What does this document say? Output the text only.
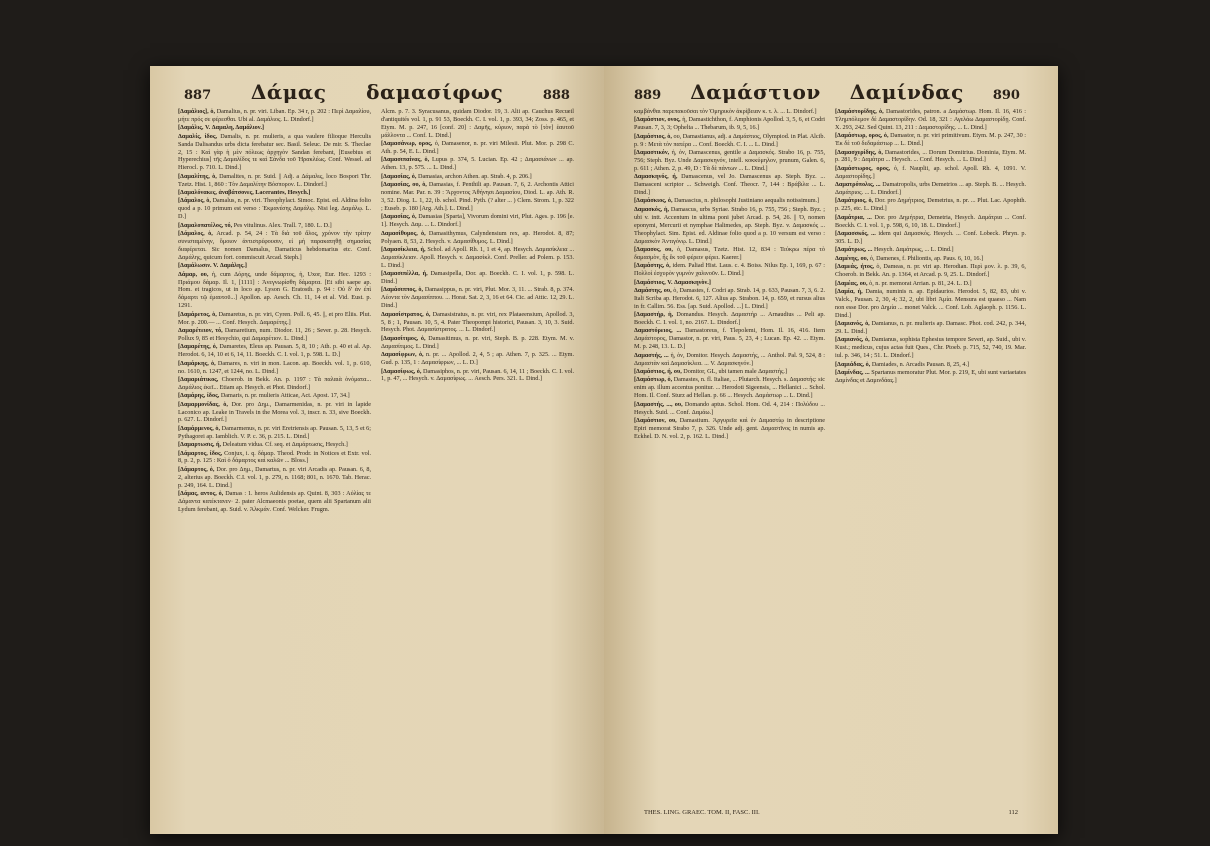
887 Δάμας δαμασίφως	888

[Δαμάλιος], ὁ, Damalius, n. pr. viri. Liban. Ep. 34 r, p. 202 : Περὶ Δαμαλίου, μήτε πρός σε φέρεσθαι. Ubi al. Δαμάλιος. L. Dindorf.]

[Δαμάλις, V. Δαμαλη, Δαμάλιον.]

Δαμαλίς, ίδος, Damalis, n. pr. mulieris, a qua vaulere filioque Herculis Sanda Dalisandus urbs dicta ferebatur sec. Basil. Seleuc. De mir. S. Theclae 2, 15 : Καὶ γὰρ ἡ μὲν πόλεως ἀρχηγὸν Sandan ferebant, [Eusebius et Hyperechius] τῆς Δαμαλίδος τε καὶ Σάνδα τοῦ Ἡρακλέως. Conf. Wessel. ad Hierocl. p. 710. L. Dind.]

[Δαμαλίτης, ὁ, Damalites, n. pr. Suid. || Adj. a Δάμαλις, loco Bospori Thr. Tzetz. Hist. 1, 860 : Τὸν Δαμαλίτην Βόσπορον. L. Dindorf.]

[Δαμαλόνακες, ἀναβάτσονες, Lacerantes, Hesych.]

[Δάμαλος, ὁ, Damalus, n. pr. viri. Theophylact. Simoc. Epist. ed. Aldina folio quod a p. 10 primum est verso : Ἐκμανέσης Δαμάλῳ. Nisi leg. Δαμάλῳ. L. D.]

[Δαμαλοπατέλος, τό, Pes vitulinus. Alex. Trall. 7, 180. L. D.]

[Δάμαλος, ὁ, Arcad. p. 54, 24 : Τὰ διὰ τοῦ ἄλος, χρόνον τὴν τρίτην συνισταμένην, ὅμοιον ἀντιστρέφουσιν, εἰ μὴ παρακατηθῇ σημασίας διαφέρεται. Sic nomen Damalus, Damaticus hebdomarius etc. Conf. Δαμάλης, quicum fort. commiscuit Arcad. Steph.]

[Δαμάλωσιν. V. Δαμάλης.]

Δάμαρ, ου, ἡ, cum Δόρης, unde δάμαρτος, ἡ, Uxor, Eur. Hec. 1293 : Πριάμου δάμαρ. Il. 1, [1111] : Ἀνεγνωρίσθη δάμαρτα. [Et sibi saepe ap. Hom. et tragicos, ut in loco ap. Lyson G. Eratosth. p. 94 : Οὐ δ' ἀν ἐπὶ δάμαρτι τῷ ἐμαυτοῦ...] Apollon. ap. Aesch. Ch. 11, 14 et al. Vid. Eust. p. 1291.

[Δαμάρετος, ὁ, Damaretus, n. pr. viri, Cyren. Poll. 6, 45. ||, et pro Eliis. Plut. Mor. p. 200.— ... Conf. Hesych. Δαμαρέτης.]

Δαμαρέτειον, τό, Damaretium, num. Diodor. 11, 26 ; Sever. p. 28. Hesych. Pollux 9, 85 et Hesychio, qui Δαμαρέτιον. L. Dind.]

[Δαμαρέτης, ὁ, Damaretes, Eleus ap. Pausan. 5, 8, 10 ; Ath. p. 40 et al. Ap. Herodot. 6, 14, 10 et 6, 14, 11. Boeckh. C. I. vol. 1, p. 598. L. D.]

[Δαμάρκης, ὁ, Damares, n. viri in mon. Lacon. ap. Boeckh. vol. 1, p. 610, no. 1610, n. 1247, et 1244, no. L. Dind.]

[Δαμαριάτικος, Choerob. in Bekk. An. p. 1197 : Τὰ παλαιὰ ὀνόματα... Δαμάλιος ἐκεῖ... Etiam ap. Hesych. et Phot. Dindorf.]

[Δαμάρης, ίδος, Damaris, n. pr. mulieris Atticae, Act. Apost. 17, 34.]

[Δαμαρμονίδας, ὁ, Dor. pro Δημ., Damarmenidas, n. pr. viri in lapide Laconico ap. Leake in Travels in the Morea vol. 3, inscr. n. 33, sive Boeckh. p. 627. L. Dindorf.]

[Δαμάρμενος, ὁ, Damarmenus, n. pr. viri Eretriensis ap. Pausan. 5, 13, 5 et 6; Pythagorei ap. Iamblich. V. P. c. 36, p. 215. L. Dind.]

[Δαμαρτωσις, ή, Deleatum vidua. Cf. seq. et Δαμάρτωσις, Hesych.]

[Δάμαρτος, ίδος, Conjux, i. q. δάμαρ. Theod. Prodr. in Notices et Extr. vol. 8, p. 2, p. 125 : Καὶ ὁ δάμαρτος καὶ καλῶν ... Bloss.]

[Δάμαρτος, ὁ, Dor. pro Δημ., Damartus, n. pr. viri Arcadis ap. Pausan. 6, 8, 2, alterius ap. Boeckh. C.I. vol. 1, p. 279, n. 1168; 801, n. 1670. Tab. Herac. p. 249, 164. L. Dind.]

[Δάμας, αντος, ὁ, Damas : 1. heros Aulidensis ap. Quint. 8, 303 : Αὐλίας τε Δάμαντα κατέκτανεν· 2. pater Alcmaeonis poetae, quem alii Spartanum alii Lydum ferebant, ap. Suid. v. Ἀλκμάν. Conf. Welcker. Frugm.

Alcm. p. 7. 3. Syracusanus, quidam Diodor. 19, 3. Alii ap. Cauchus Recueil d'antiquités vol. 1, p. 91 53, Boeckh. C. I. vol. 1, p. 393, 34; Zoss. p. 465, et Etym. M. p. 247, 16 [conf. 20] : Δαμῆς, κύριον, παρὰ τὸ [τὸν] ἑαυτοῦ μάλλοντα ... Conf. L. Dind.]

[Δαμασάνωρ, ορος, ὁ, Damasenor, n. pr. viri Milesii. Plut. Mor. p. 298 C. Ath. p. 54, E. L. Dind.]

[Δαμασιπαίνας, ὁ, Lupus p. 374, 5. Lucian. Ep. 42 ; Δαμασιάνων ... ap. Athen. 13, p. 575. ... L. Dind.]

[Δαμασίας, ὁ, Damasias, archon Athen. ap. Strab. 4, p. 206.]

[Δαμασίας, ου, ὁ, Damasias, f. Penthili ap. Pausan. 7, 6, 2. Archontis Attici nomine. Mar. Par. n. 39 : Ἄρχοντος Ἀθήνησι Δαμασίου, Diod. L. ap. Ath. R. 3, 52. Diog. L. 1, 22, ib. schol. Pind. Pyth. (? alter ... ) Clem. Strom. 1, p. 322 ; Euseb. p. 180 [Arg. Ath.]. L. Dind.]

[Δαμασίας, ὁ, Damasias [Sparta], Vivorum domini viri, Plut. Ages. p. 196 [e. 1]. Hesych. Δαμ. ... L. Dindorf.]

Δαμασίθυμος, ὁ, Damasithymus, Calyndensium rex, ap. Herodot. 8, 87; Polyaen. 8, 53, 2. Hesych. v. Δαμασίθυμος. L. Dind.]

[Δαμασίκλεια, ἡ, Schol. ad Apoll. Rh. 1, 1 et 4, ap. Hesych. Δαμασίκλεια ... Δαμασίκλειαν. Apoll. Hesych. v. Δαμασίκλ. Conf. Preller. ad Polem. p. 153. L. Dind.]

[Δαμασιπέλλα, ή, Damasipella, Dor. ap. Boeckh. C. I. vol. 1, p. 598. L. Dind.]

[Δαμάσιππος, ὁ, Damasippus, n. pr. viri, Plut. Mor. 3, 11. ... Strab. 8, p. 374. Λέοντα τὸν Δαμασίππου. ... Horat. Sat. 2, 3, 16 et 64. Cic. ad Attic. 12, 29. L. Dind.]

Δαμασίστρατος, ὁ, Damasistratus, n. pr. viri, rex Plataeensium, Apollod. 3, 5, 8 ; 1, Pausan. 10, 5, 4. Pater Theopompi historici, Pausan. 3, 10, 3. Suid. Hesych. Phot. Δαμασίστρατος. ... L. Dindorf.]

[Δαμασίτιμος, ὁ, Damasitimus, n. pr. viri, Steph. B. p. 228. Etym. M. v. Δαμασίτιμος. L. Dind.]

Δαμασίφρων, ὁ, n. pr. ... Apollod. 2, 4, 5 ; ap. Athen. 7, p. 325. ... Etym. Gud. p. 135, 1 : Δαμασίφρων, ... L. D.]

[Δαμασίφως, ὁ, Damasiphos, n. pr. viri, Pausan. 6, 14, 11 ; Boeckh. C. I. vol. 1, p. 47, ... Hesych. v. Δαμασίφως. ... Aesch. Pers. 321. L. Dind.]

889 Δαμάστιον Δαμίνδας 890

καμβάνθαι παρεπακοῦσαι τὸν Ὁμηρικὸν ἀκρίβειαν κ. τ. λ. ... L. Dindorf.]

[Δαμάστιον, ονος, ἡ, Damastichthon, f. Amphionis Apollod. 3, 5, 6, et Codri Pausan. 7, 3, 3; Ophelta ... Thebarum, ib. 9, 5, 16.]

[Δαμάστιος, ὁ, ου, Damastianus, adj. a Δαμάστιος, Olympiod. in Plat. Alcib. p. 9 : Μετὰ τὸν πατέρα ... Conf. Boeckh. C. I. ... L. Dind.]

[Δαμαστικόν, ἡ, ὁν, Damascenus, gentile a Δαμασκός. Strabo 16, p. 755, 756; Steph. Byz. Unde Δαμασκηνόν, intell. κοκκύμηλον, prunum, Galen. 6, p. 611 ; Athen. 2, p. 49, D : Τὰ δὲ πάντων ... L. Dind.]

Δαμασκηνός, ή, Damascenus, vel Jo. Damascenus ap. Steph. Byz. ... Damasceni scriptor ... Schweigh. Conf. Theocr. 7, 144 : Βράβιλα ... L. Dind.]

[Δαμάσκιος, ὁ, Damascius, n. philosophi Justiniano aequalis notissimum.]

Δαμασκός, ἡ, Damascus, urbs Syriae. Strabo 16, p. 755, 756 ; Steph. Byz. ; ubi v. intt. Accentum in ultima poni jubet Arcad. p. 54, 26. || Ὁ, nomen eponymi, Mercurii et nymphae Halimedes, ap. Steph. Byz. v. Δαμασκός ... Theophylact. Sim. Epist. ed. Aldinae folio quod a p. 10 versum est verso : Δαμασκὸν Ἀντιγόνῳ. L. Dind.]

[Δαμασος, ου, ὁ, Damasus, Tzetz. Hist. 12, 834 : Τεύκρω πέρα τὸ δαμασμὸν, ἦς ἔκ τοῦ φέρειν φέρει. Kaerer.]

[Δαμάστης, ὁ, idem. Paliad Hist. Laus. c. 4. Boiss. Nilus Ep. 1, 169, p. 67 : Πολλοὶ ἐσχυρὸν γυμνὸν χαλινοῦν. L. Dind.]

[Δαμάστιος, V. Δαμασκηνὸν.]

Δαμάστης, ου, ὁ, Damastes, f. Codri ap. Strab. 14, p. 633, Pausan. 7, 3, 6. 2. Itali Scriba ap. Herodot. 6, 127. Alius ap. Strabon. 14, p. 659, et rursus alius in fr. Callim. 56. Ess. [ap. Suid. Apollod. ...] L. Dind.]

[Δαμαστήρ, ἡ, Domandus. Hesych. Δαμαστήρ ... Arnaudius ... Peli ap. Boeckh. C. I. vol. 1, no. 2167. L. Dindorf.]

Δαμαστόρειος, ... Damastoreus, f. Tlepolemi, Hom. Il. 16, 416. Item Δαμάστορος, Damastor, n. pr. viri, Paus. 5, 23, 4 ; Lucan. Ep. 42. ... Etym. M. p. 248, 13. L. D.]

Δαμαστής, ... ἡ, ὁν, Domitor. Hesych. Δαμαστής, ... Anthol. Pal. 9, 524, 8 : Δαμαστὰν καὶ Δαμασίκλεα. ... V. Δαμασκηνόν.]

[Δαμάστιος, ή, ου, Domitor, GL, ubi tamen male Δαμαστής.]

[Δαμάστωρ, ὁ, Damastes, n. fl. Italiae, ... Plutarch. Hesych. s. Δαμαστής: sic enim ap. illum accentus ponitur. ... Herodoti Sigeensis, ... Hellanici ... Schol. Hom. Il. Conf. Sturz ad Hellan. p. 66 ... Hesych. Δαμάστωρ ... L. Dind.]

[Δαμαστής, ..., ου, Domando aptus. Schol. Hom. Od. 4, 214 : Πολύδου ... Hesych. Suid. ... Conf. Δαμάω.]

[Δαμάστιον, ου, Damastium. Ἀργυρεῖα καὶ ἐν Δαμαστίῳ in descriptione Epiri memorat Strabo 7, p. 326. Unde adj. gent. Δαμαστῖνος in numis ap. Eckhel. D. N. vol. 2, p. 162. L. Dind.]

[Δαμάστορίδης, ὁ, Damastorides, patron. a Δαμάστωρ. Hom. Il. 16, 416 : Τλημπόλεμον δὲ Δαμαστορίδην. Od. 18, 321 : Αγελάω Δαμαστορίδῃ. Conf. X. 293, 242. Sed Quint. 13, 211 : Δαμαστορίδης. ... L. Dind.]

[Δαμάστωρ, ορος, ὁ, Damastor, n. pr. viri primitivum. Etym. M. p. 247, 30 : Ἐκ δὲ τοῦ δεδαμάστωρ ... L. Dind.]

[Δαμασχερίδης, ὁ, Damastorides, ... Dorum Domitrius. Dominia, Etym. M. p. 281, 9 : Δαμάτρα ... Heysch. ... Conf. Hesych. ... L. Dind.]

[Δαμάστωρος, ορος, ὁ, f. Nauplii, ap. schol. Apoll. Rh. 4, 1091. V. Δαμαστορίδης.]

Δαματρόπολις, ... Damatropolis, urbs Demetrios ... ap. Steph. B. ... Hesych. Δαμάτριος. ... L. Dindorf.]

[Δαμάτριος, ὁ, Dor. pro Δημήτριος, Demetrius, n. pr. ... Plut. Lac. Apophth. p. 225, etc. L. Dind.]

[Δαμάτρια, ... Dor. pro Δημήτρια, Demetria, Hesych. Δαμάτρια ... Conf. Boeckh. C. I. vol. 1, p. 598, 6, 10, 18. L. Dindorf.]

[Δαμασσκός, ... idem qui Δαμασκός. Hesych. ... Conf. Lobeck. Phryn. p. 305. L. D.]

[Δαμάτρως, ... Hesych. Δαμάτρως, ... L. Dind.]

Δαμένης, ου, ὁ, Damenes, f. Philiontis, ap. Paus. 6, 10, 16.]

[Δαμεάς, ήτος, ὁ, Dameas, n. pr. viri ap. Herodian. Περὶ μον. λ. p. 39, 6, Choerob. in Bekk. An. p. 1364, et Arcad. p. 9, 25. L. Dindorf.]

[Δαμέας, ου, ὁ, n. pr. memorat Arrian. p. 81, 24. L. D.]

[Δαμία, ἡ, Damia, numinis n. ap. Epidaurios. Herodot. 5, 82, 83, ubi v. Valck., Pausan. 2, 30, 4; 32, 2, ubi libri Ἀμία. Mensura est quaeso ... Nam non esse Dor. pro Δημία ... monet Valck. ... Conf. Lob. Aglaoph. p. 1156. L. Dind.]

[Δαμιανός, ὁ, Damianus, n. pr. mulieris ap. Damasc. Phot. cod. 242, p. 344, 29. L. Dind.]

[Δαμιανός, ὁ, Damianus, sophista Ephesius tempore Severi, ap. Suid., ubi v. Kust.; medicus, cujus actas fuit Ques., Chr. Ptoeb. p. 715, 52, 740, 19. Mar. iul. p. 346, 14 ; 51. L. Dindorf.]

[Δαμιάδας, ὁ, Damiades, n. Arcadis Pausan. 8, 25, 4.]

[Δαμίνδας, ... Spartanus memoratur Plut. Mor. p. 219, E, ubi sunt variaetates Δαμίνδας et Δαμινδάας.]

THES. LING. GRAEC. TOM. II, FASC. III.	112
